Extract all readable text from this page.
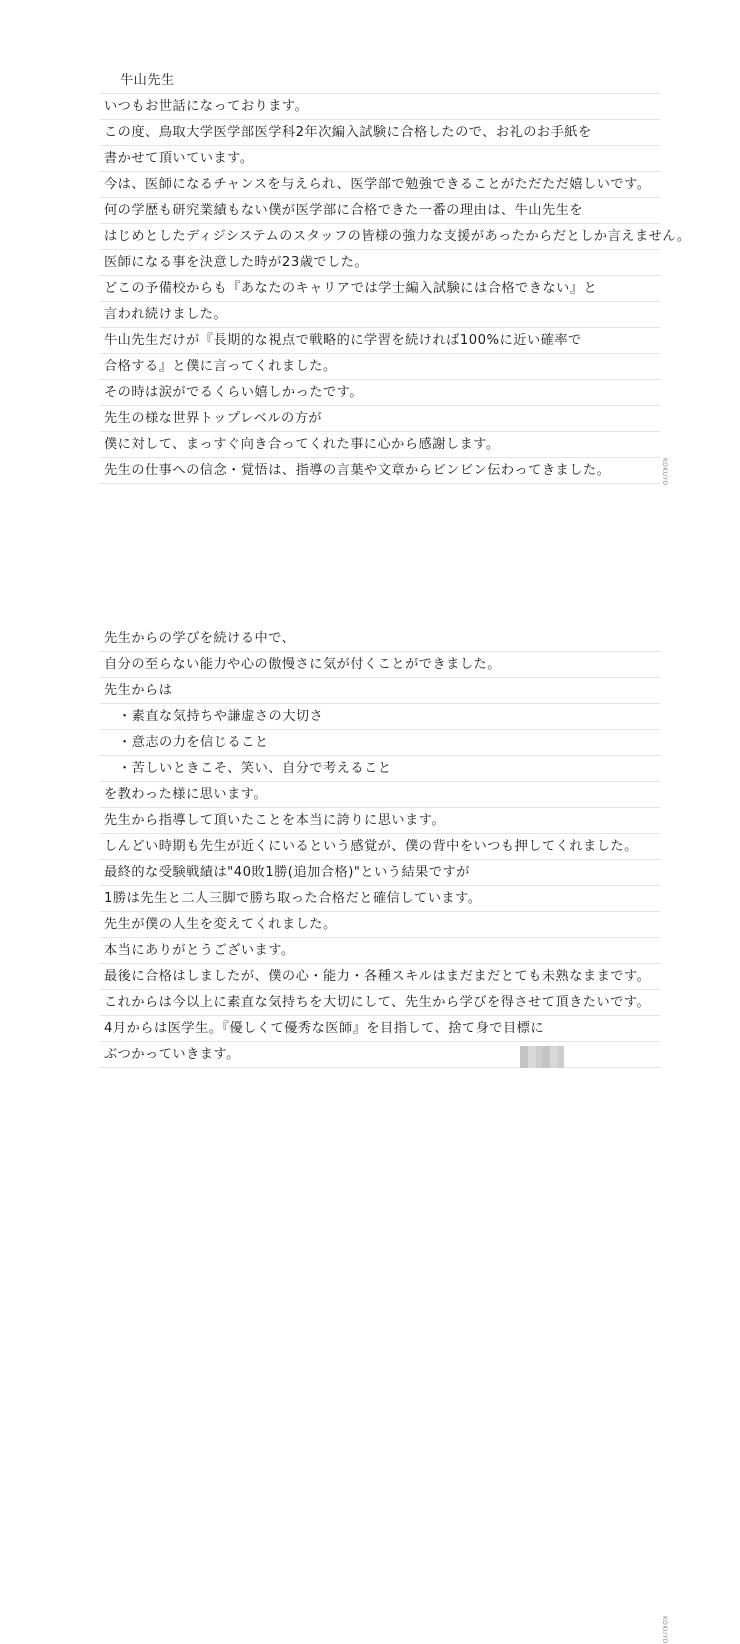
牛山先生
いつもお世話になっております。
この度、鳥取大学医学部医学科2年次編入試験に合格したので、お礼のお手紙を
書かせて頂いています。
今は、医師になるチャンスを与えられ、医学部で勉強できることがただただ嬉しいです。
何の学歴も研究業績もない僕が医学部に合格できた一番の理由は、牛山先生を
はじめとしたディジシステムのスタッフの皆様の強力な支援があったからだとしか言えません。
医師になる事を決意した時が23歳でした。
どこの予備校からも『あなたのキャリアでは学士編入試験には合格できない』と
言われ続けました。
牛山先生だけが『長期的な視点で戦略的に学習を続ければ100%に近い確率で
合格する』と僕に言ってくれました。
その時は涙がでるくらい嬉しかったです。
先生の様な世界トップレベルの方が
僕に対して、まっすぐ向き合ってくれた事に心から感謝します。
先生の仕事への信念・覚悟は、指導の言葉や文章からビンビン伝わってきました。	KOKUYO
KOKUYO
先生からの学びを続ける中で、
自分の至らない能力や心の傲慢さに気が付くことができました。
先生からは
・素直な気持ちや謙虚さの大切さ
・意志の力を信じること
・苦しいときこそ、笑い、自分で考えること
を教わった様に思います。
先生から指導して頂いたことを本当に誇りに思います。
しんどい時期も先生が近くにいるという感覚が、僕の背中をいつも押してくれました。
最終的な受験戦績は"40敗1勝(追加合格)"という結果ですが
1勝は先生と二人三脚で勝ち取った合格だと確信しています。
先生が僕の人生を変えてくれました。
本当にありがとうございます。
最後に合格はしましたが、僕の心・能力・各種スキルはまだまだとても未熟なままです。
これからは今以上に素直な気持ちを大切にして、先生から学びを得させて頂きたいです。
4月からは医学生。『優しくて優秀な医師』を目指して、捨て身で目標に
ぶつかっていきます。
